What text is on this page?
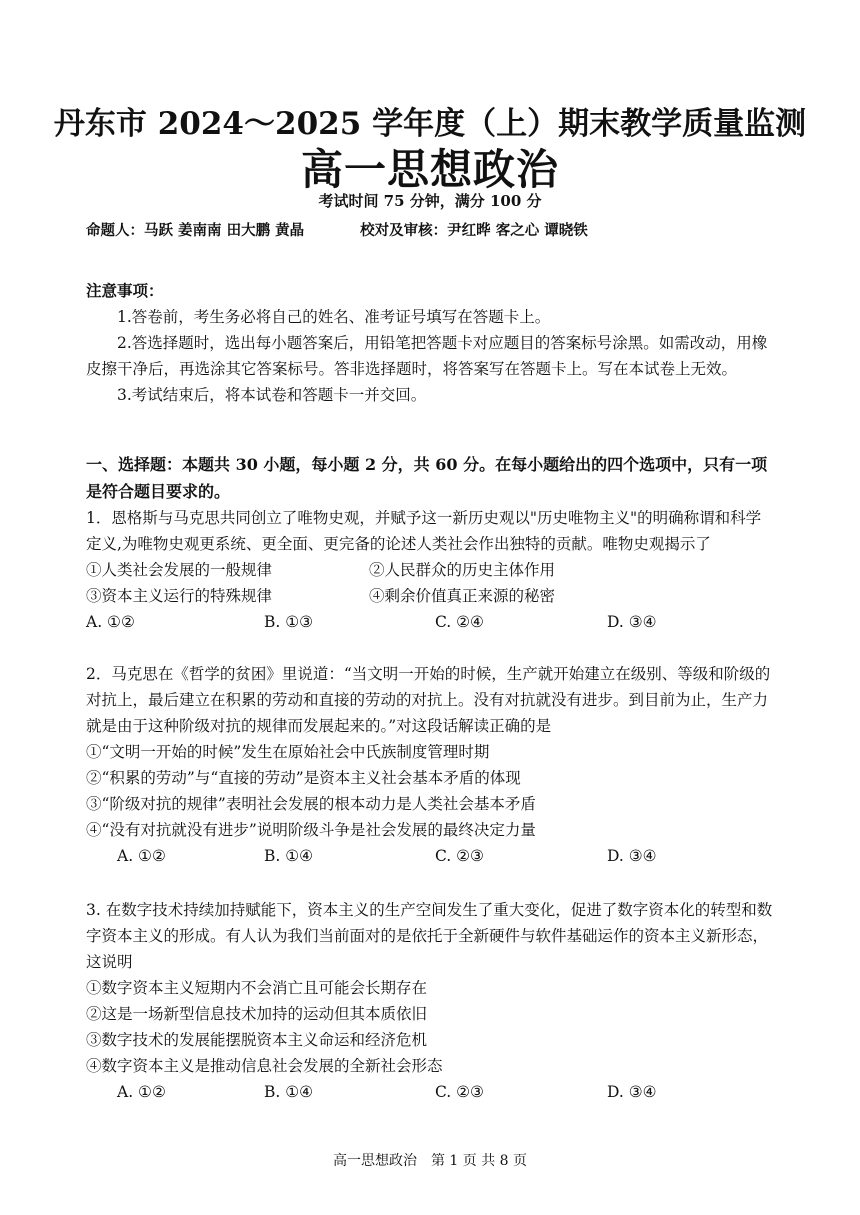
丹东市 2024～2025 学年度（上）期末教学质量监测
高一思想政治
考试时间 75 分钟，满分 100 分
命题人：马跃 姜南南 田大鹏 黄晶	校对及审核：尹红晔 客之心 谭晓铁

注意事项：

1.答卷前，考生务必将自己的姓名、准考证号填写在答题卡上。

2.答选择题时，选出每小题答案后，用铅笔把答题卡对应题目的答案标号涂黑。如需改动，用橡皮擦干净后，再选涂其它答案标号。答非选择题时，将答案写在答题卡上。写在本试卷上无效。

3.考试结束后，将本试卷和答题卡一并交回。

一、选择题：本题共 30 小题，每小题 2 分，共 60 分。在每小题给出的四个选项中，只有一项是符合题目要求的。

1．恩格斯与马克思共同创立了唯物史观，并赋予这一新历史观以"历史唯物主义"的明确称谓和科学定义,为唯物史观更系统、更全面、更完备的论述人类社会作出独特的贡献。唯物史观揭示了

①人类社会发展的一般规律	②人民群众的历史主体作用
③资本主义运行的特殊规律	④剩余价值真正来源的秘密
A. ①②	B. ①③	C. ②④	D. ③④

2．马克思在《哲学的贫困》里说道：“当文明一开始的时候，生产就开始建立在级别、等级和阶级的对抗上，最后建立在积累的劳动和直接的劳动的对抗上。没有对抗就没有进步。到目前为止，生产力就是由于这种阶级对抗的规律而发展起来的。”对这段话解读正确的是

①“文明一开始的时候”发生在原始社会中氏族制度管理时期

②“积累的劳动”与“直接的劳动”是资本主义社会基本矛盾的体现

③“阶级对抗的规律”表明社会发展的根本动力是人类社会基本矛盾

④“没有对抗就没有进步”说明阶级斗争是社会发展的最终决定力量

A. ①②	B. ①④	C. ②③	D. ③④

3. 在数字技术持续加持赋能下，资本主义的生产空间发生了重大变化，促进了数字资本化的转型和数字资本主义的形成。有人认为我们当前面对的是依托于全新硬件与软件基础运作的资本主义新形态，这说明

①数字资本主义短期内不会消亡且可能会长期存在

②这是一场新型信息技术加持的运动但其本质依旧

③数字技术的发展能摆脱资本主义命运和经济危机

④数字资本主义是推动信息社会发展的全新社会形态

A. ①②	B. ①④	C. ②③	D. ③④
高一思想政治　第 1 页 共 8 页
